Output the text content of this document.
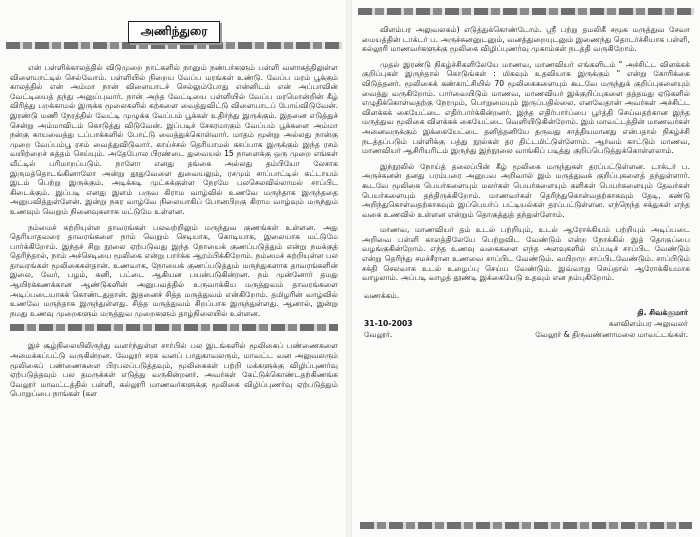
அணிந்துரை

என் பள்ளிக்காலத்தில் விடுமுறை நாட்களில் நானும் நண்பர்களும் பள்ளி வளாகத்திலுள்ள விளையாட்டில் செல்வோம். பள்ளியில் நிறைய வேப்ப மரங்கள் உண்டு. வேப்ப மரம் பூக்கும் காலத்தில் என் அம்மா நான் விளையாடச் செல்லும்போது என்னிடம் என் அப்பாவின் வேட்டியைத் தந்து அனுப்புவார். நான் அந்த வேட்டியை பள்ளியில் வேப்ப மரமொன்றின் கீழ் விரித்து பறக்காமல் இருக்க மூலைகளில் கற்களை வைத்துவிட்டு விளையாடப் போய்விடுவேன். இரண்டு மணி நேரத்தில் வேட்டி முழுக்க வேப்பம் பூக்கள் உதிர்ந்து இருக்கும். இதனை எடுத்துச் சென்று அம்மாவிடம் கொடுத்து விடுவேன். இப்படிச் சேகரமாகும் வேப்பம் பூக்களை அம்மா நன்கு காயவைத்து டப்பாக்களில் போட்டு வைத்துக்கொள்வார். மாதம் மூன்று அல்லது நான்கு முறை வேப்பம்பூ ரசம் வைத்துவிடுவார். காய்ச்சல் தெரியாமல் கசப்பாக இருக்கும் இந்த ரசம் வயிற்றைச் சுத்தம் செய்யும். அதேபோல பிரண்டை துவையல் 15 நாளைக்கு ஒரு முறை எங்கள் வீட்டில் பரிமாறப்படும். நாளோ எனது தங்கை அல்லது தம்பியோ லேசாக இருமத்தொடங்கினாலோ அன்று தூதுவேளை துவையலும், ரசமும் சாப்பாட்டில் கட்டாயம் இடம் பெற்று இருக்கும். அடிக்கடி முட்சுக்குள்ள நேரமே பலசெலவில்லாமல் சாப்பிட கிடைக்கும். இப்படி எனது இளம் பருவ கிராம வாழ்வில் உணவே மருந்தாக இருந்ததை அனுபவித்துள்ளேன். இன்று நகர வாழ்வே நிலையாகிப் போனபிறகு கிராம வாழ்வும் மருந்தும் உணவும் வெறும் நினைவுகளாக மட்டுமே உள்ளன.

நம்மைச் சுற்றியுள்ள தாவரங்கள் பலவற்றிலும் மருந்துவ குணங்கள் உள்ளன. அது தெரியாதவரை தாவரங்களை நாம் வெறும் செடியாக, கொடியாக, இலையாக மட்டுமே பார்க்கிறோம். இந்தச் சிறு நூலை ஏற்படுவது இந்த நோயைக் குணப்படுத்தும் என்று நமக்குத் தெரிந்தால், நாம் அச்செடியை மூலிகை என்று பார்க்க ஆரம்பிக்கிறோம். நம்மைச் சுற்றியுள்ள பல தாவரங்கள் மூலிகைகள்தான். உணவாக, நோயைக் குணப்படுத்தும் மருந்துகளாக தாவரங்களின் இலை, வேர், பழம், கனி, பட்டை ஆகியன பயன்படுகின்றன. நம் முன்னோர் தமது ஆயிரக்கணக்கான ஆண்டுகளின் அனுபவத்தில் உருவாக்கிய மருத்துவம் தாவரங்களை அடிப்படையாகக் கொண்டதுதான். இதனைச் சித்த மருத்துவம் என்கிறோம். தமிழரின் வாழ்வில் உணவே மருந்தாக இருந்துள்ளது. சித்த மருத்துவம் சிறப்பாக இருந்துள்ளது. ஆனால், இன்று நமது உணவு முறைகளும் மருத்துவ முறைகளும் தாழ்நிலையில் உள்ளன.

இச் சூழ்நிலையிலிருந்து வளர்ந்துள்ள சார்பில் பல இடங்களில் மூலிகைப் பண்ணைகளை அமைக்கப்பட்டு வருகின்றன. வேலூர் சரக வனப் பாதுகாவலரும், மாவட்ட வன அலுவலரும் மூலிகைப் பண்ணைகளை பிரபலப்படுத்தவும், மூலிகைகள் பற்றி மக்களுக்கு விழிப்புணர்வு ஏற்படுத்தவும் பல தமருக்கள் எடுத்து வருகின்றனர். அவர்கள் கேட்டுக்கொண்டதற்கிணங்க வேலூர் மாவட்டத்தில் பள்ளி, கல்லூரி மாணவர்களுக்கு மூலிகை விழிப்புணர்வு ஏற்படுத்தும் பொறுப்பை நாங்கள் (கள

விளம்பர அலுவலகம்) எடுத்துக்கொண்டோம். ஸ்ரீ பற்று தமலிகீ சமூக மருத்துவ சேவா மையத்தின் டாக்டர் ப. அருச்சுனனுடனும், வனத்துறையுடனும் இணைந்து தொடர்ச்சியாக பள்ளி, கல்லூரி மாணவர்களுக்கு மூலிகை விழிப்புணர்வு முகாம்கள் நடத்தி வருகிறோம்.

முதல் இரண்டு நிகழ்ச்சிகளிலேயே மாணவ, மாணவியர் எங்களிடம் " அச்சிட்ட விளக்கக் குறிப்புகள் இருந்தால் கொடுங்கள் : மிகவும் உதவியாக இருக்கும் " என்று கோரிக்கை விடுத்தனர். மூலிகைக் கண்காட்சியில் 70 மூலிகைகளையும் கூடவே மருந்துக் குறிப்புகளையும் வைத்து வருகிறோம். பார்வையிடும் மாணவ, மாணவியர் இக்குறிப்புகளை தத்தமது ஏடுகளில் எழுதிக்கொள்வதற்கு நேரமும், பொறுமையும் இருப்பதில்லை. எனவேதான் அவர்கள் அச்சிட்ட விளக்கக் கையேட்டை எதிர்பார்க்கின்றனர். இந்த எதிர்பார்ப்பை பூர்த்தி செய்வதற்கான இந்த மருத்துவ மூலிகை விளக்கக் கையேட்டை வெளியிடுகின்றோம். இம் மாவட்டத்தின் மாணவர்கள் அனைவருக்கும் இக்கையேட்டை தனித்தனியே தருவது சாத்தியமானது என்பதால் நிகழ்ச்சி நடத்தப்படும் பள்ளிக்கு பத்து நூல்கள் தர திட்டமிட்டுள்ளோம். ஆர்வம் காட்டும் மாணவ, மாணவியர் ஆசிரியரிடம் இருந்து இந்நூலை வாங்கிப் படித்து குறிப்பெடுத்துக்கொள்ளலாம்.

இந்நூலில் நோய்த் தலைப்பின் கீழ் மூலிகை மருந்துகள் தரப்பட்டுள்ளன. டாக்டர் ப. அருச்சுனன் தனது பரம்பரை அனுபவ அறிவால் இம் மருத்துவக் குறிப்புகளைத் தந்துள்ளார். கூடவே மூலிகை பெயர்களையும் மலர்கள் பெயர்களையும் களிகள் பெயர்களையும் தேவர்கள் பெயர்களையும் தந்திருக்கிறோம். மாணவர்கள் தெரிந்துகொள்வதற்காகவும் தேடி, கண்டு அறிந்துகொள்வதற்காகவும் இப்பெயர்ப் பட்டியல்கள் தரப்பட்டுள்ளன. எந்நெந்த சக்துகள் எந்த வகை உணவில் உள்ளன என்றும் தொகுத்துத் தந்துள்ளோம்.

மாணவ, மாணவியர் தம் உடல் பற்றியும், உடல் ஆரோக்கியம் பற்றியும் அடிப்படை அறிவை பள்ளி காலத்திலேயே பெற்றுவிட வேண்டும் என்ற நோக்கில் இத் தொகுப்பை வழங்குகின்றோம். எந்த உணவு வகைகளை எந்த அளவுகளில் எப்படிச் சாப்பிட வேண்டும் என்று தெரிந்து சமச்சீரான உணவை சாப்பிட வேண்டும். வயிறாற சாப்பிடவேண்டும். சாப்பிடும் சக்தி செலவாக உடல் உழைப்பு செய்ய வேண்டும். இவ்வாறு செய்தால் ஆரோக்கியமாக வாழலாம். அப்படி வாழத் தூண்டி இக்கையேடு உதவும் என நம்புகிறோம்.

வணக்கம்.
தி. சிவக்குமார்
31-10-2003	களவிளம்பர அலுவலர்
வேலூர்.	வேலூர் & திருவண்ணாமலை மாவட்டங்கள்.
